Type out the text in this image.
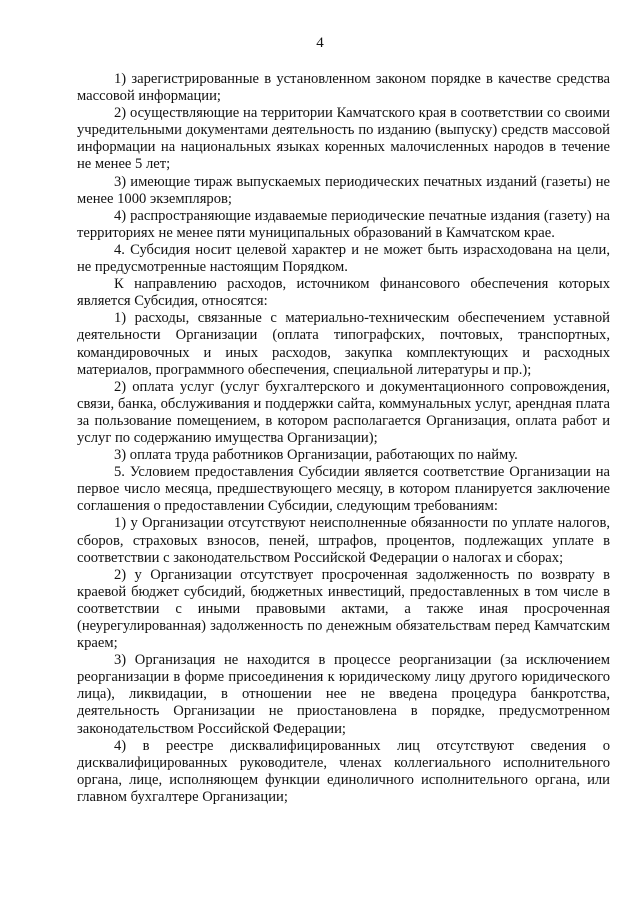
4

1) зарегистрированные в установленном законом порядке в качестве средства массовой информации;

2) осуществляющие на территории Камчатского края в соответствии со своими учредительными документами деятельность по изданию (выпуску) средств массовой информации на национальных языках коренных малочисленных народов в течение не менее 5 лет;

3) имеющие тираж выпускаемых периодических печатных изданий (газеты) не менее 1000 экземпляров;

4) распространяющие издаваемые периодические печатные издания (газету) на территориях не менее пяти муниципальных образований в Камчатском крае.

4. Субсидия носит целевой характер и не может быть израсходована на цели, не предусмотренные настоящим Порядком.

К направлению расходов, источником финансового обеспечения которых является Субсидия, относятся:

1) расходы, связанные с материально-техническим обеспечением уставной деятельности Организации (оплата типографских, почтовых, транспортных, командировочных и иных расходов, закупка комплектующих и расходных материалов, программного обеспечения, специальной литературы и пр.);

2) оплата услуг (услуг бухгалтерского и документационного сопровождения, связи, банка, обслуживания и поддержки сайта, коммунальных услуг, арендная плата за пользование помещением, в котором располагается Организация, оплата работ и услуг по содержанию имущества Организации);

3) оплата труда работников Организации, работающих по найму.

5. Условием предоставления Субсидии является соответствие Организации на первое число месяца, предшествующего месяцу, в котором планируется заключение соглашения о предоставлении Субсидии, следующим требованиям:

1) у Организации отсутствуют неисполненные обязанности по уплате налогов, сборов, страховых взносов, пеней, штрафов, процентов, подлежащих уплате в соответствии с законодательством Российской Федерации о налогах и сборах;

2) у Организации отсутствует просроченная задолженность по возврату в краевой бюджет субсидий, бюджетных инвестиций, предоставленных в том числе в соответствии с иными правовыми актами, а также иная просроченная (неурегулированная) задолженность по денежным обязательствам перед Камчатским краем;

3) Организация не находится в процессе реорганизации (за исключением реорганизации в форме присоединения к юридическому лицу другого юридического лица), ликвидации, в отношении нее не введена процедура банкротства, деятельность Организации не приостановлена в порядке, предусмотренном законодательством Российской Федерации;

4) в реестре дисквалифицированных лиц отсутствуют сведения о дисквалифицированных руководителе, членах коллегиального исполнительного органа, лице, исполняющем функции единоличного исполнительного органа, или главном бухгалтере Организации;
